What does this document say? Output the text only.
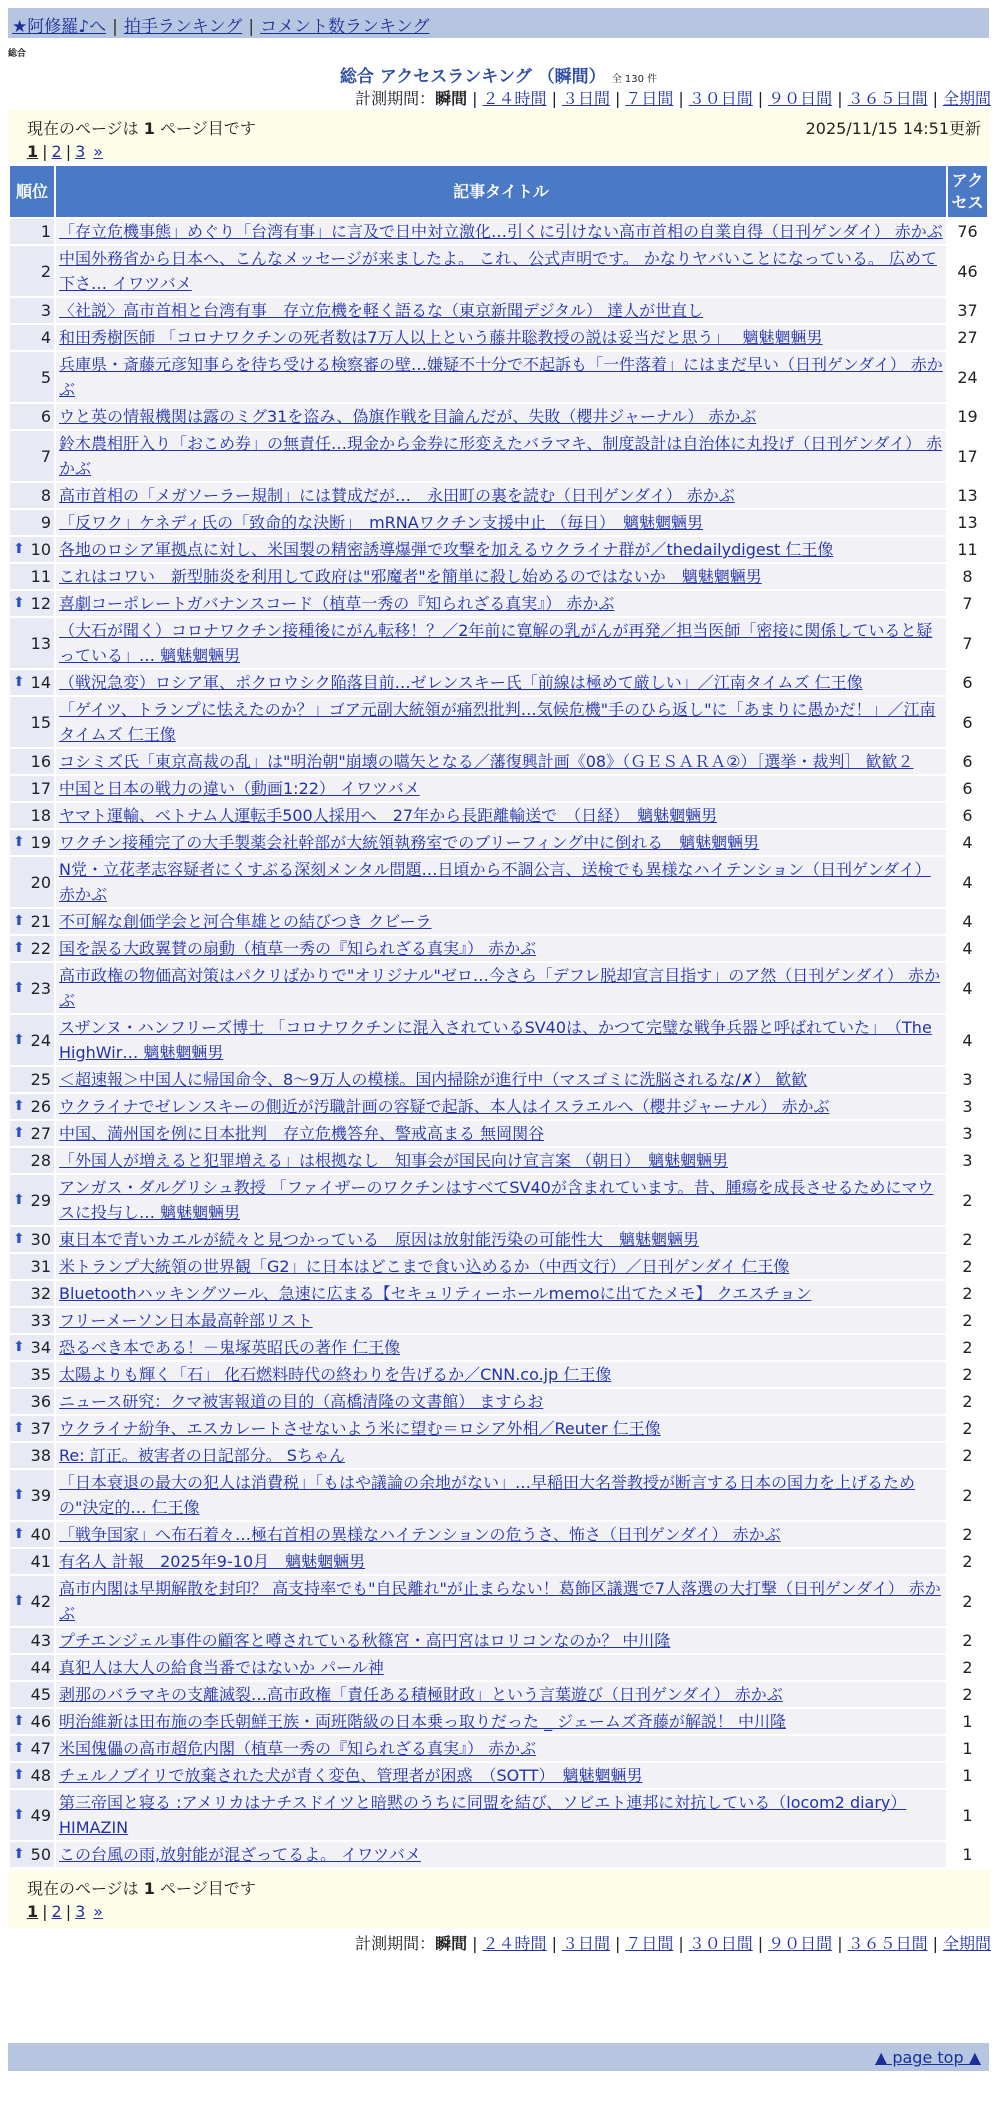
★阿修羅♪へ | 拍手ランキング | コメント数ランキング
総合
総合 アクセスランキング （瞬間） 全 130 件
計測期間：瞬間 | ２４時間 | ３日間 | ７日間 | ３０日間 | ９０日間 | ３６５日間 | 全期間
現在のページは 1 ページ目です	2025/11/15 14:51更新
1 | 2 | 3 »
順位	記事タイトル	アクセス
1	「存立危機事態」めぐり「台湾有事」に言及で日中対立激化…引くに引けない高市首相の自業自得（日刊ゲンダイ） 赤かぶ	76
2	中国外務省から日本へ、こんなメッセージが来ましたよ。 これ、公式声明です。 かなりヤバいことになっている。 広めて下さ… イワツバメ	46
3	〈社説〉高市首相と台湾有事　存立危機を軽く語るな（東京新聞デジタル） 達人が世直し	37
4	和田秀樹医師 「コロナワクチンの死者数は7万人以上という藤井聡教授の説は妥当だと思う」　 魑魅魍魎男	27
5	兵庫県・斎藤元彦知事らを待ち受ける検察審の壁…嫌疑不十分で不起訴も「一件落着」にはまだ早い（日刊ゲンダイ） 赤かぶ	24
6	ウと英の情報機関は露のミグ31を盗み、偽旗作戦を目論んだが、失敗（櫻井ジャーナル） 赤かぶ	19
7	鈴木農相肝入り「おこめ券」の無責任…現金から金券に形変えたバラマキ、制度設計は自治体に丸投げ（日刊ゲンダイ） 赤かぶ	17
8	高市首相の「メガソーラー規制」には賛成だが…　永田町の裏を読む（日刊ゲンダイ） 赤かぶ	13
9	「反ワク」ケネディ氏の「致命的な決断」　mRNAワクチン支援中止 （毎日）　魑魅魍魎男	13

⬆ 10	各地のロシア軍拠点に対し、米国製の精密誘導爆弾で攻撃を加えるウクライナ群が／thedailydigest 仁王像	11
11	これはコワい　新型肺炎を利用して政府は"邪魔者"を簡単に殺し始めるのではないか　魑魅魍魎男	8

⬆ 12	喜劇コーポレートガバナンスコード（植草一秀の『知られざる真実』） 赤かぶ	7
13	（大石が聞く）コロナワクチン接種後にがん転移！？／2年前に寛解の乳がんが再発／担当医師「密接に関係していると疑っている」… 魑魅魍魎男	7

⬆ 14	（戦況急変）ロシア軍、ポクロウシク陥落目前…ゼレンスキー氏「前線は極めて厳しい」／江南タイムズ 仁王像	6
15	「ゲイツ、トランプに怯えたのか？」ゴア元副大統領が痛烈批判…気候危機"手のひら返し"に「あまりに愚かだ！」／江南タイムズ 仁王像	6
16	コシミズ氏「東京高裁の乱」は"明治朝"崩壊の嚆矢となる／藩復興計画《08》（ＧＥＳＡＲＡ②）［選挙・裁判］ 歓歓２	6
17	中国と日本の戦力の違い（動画1:22） イワツバメ	6
18	ヤマト運輸、ベトナム人運転手500人採用へ　27年から長距離輸送で　（日経）　魑魅魍魎男	6

⬆ 19	ワクチン接種完了の大手製薬会社幹部が大統領執務室でのブリーフィング中に倒れる　魑魅魍魎男	4
20	N党・立花孝志容疑者にくすぶる深刻メンタル問題…日頃から不調公言、送検でも異様なハイテンション（日刊ゲンダイ） 赤かぶ	4

⬆ 21	不可解な創価学会と河合隼雄との結びつき クビーラ	4

⬆ 22	国を誤る大政翼賛の扇動（植草一秀の『知られざる真実』） 赤かぶ	4

⬆ 23	高市政権の物価高対策はパクリばかりで"オリジナル"ゼロ…今さら「デフレ脱却宣言目指す」のア然（日刊ゲンダイ） 赤かぶ	4

⬆ 24	スザンヌ・ハンフリーズ博士 「コロナワクチンに混入されているSV40は、かつて完璧な戦争兵器と呼ばれていた」　（The HighWir… 魑魅魍魎男	4
25	＜超速報＞中国人に帰国命令、8～9万人の模様。国内掃除が進行中（マスゴミに洗脳されるな/✗） 歓歓	3

⬆ 26	ウクライナでゼレンスキーの側近が汚職計画の容疑で起訴、本人はイスラエルへ（櫻井ジャーナル） 赤かぶ	3

⬆ 27	中国、満州国を例に日本批判　存立危機答弁、警戒高まる 無岡関谷	3
28	「外国人が増えると犯罪増える」は根拠なし　知事会が国民向け宣言案 （朝日）　魑魅魍魎男	3

⬆ 29	アンガス・ダルグリシュ教授 「ファイザーのワクチンはすべてSV40が含まれています。昔、腫瘍を成長させるためにマウスに投与し… 魑魅魍魎男	2

⬆ 30	東日本で青いカエルが続々と見つかっている　原因は放射能汚染の可能性大　魑魅魍魎男	2
31	米トランプ大統領の世界観「G2」に日本はどこまで食い込めるか（中西文行）／日刊ゲンダイ 仁王像	2
32	Bluetoothハッキングツール、急速に広まる【セキュリティーホールmemoに出てたメモ】 クエスチョン	2
33	フリーメーソン日本最高幹部リスト	2

⬆ 34	恐るべき本である！－鬼塚英昭氏の著作 仁王像	2
35	太陽よりも輝く「石」 化石燃料時代の終わりを告げるか／CNN.co.jp 仁王像	2
36	ニュース研究：クマ被害報道の目的（高橋清隆の文書館） ますらお	2

⬆ 37	ウクライナ紛争、エスカレートさせないよう米に望む＝ロシア外相／Reuter 仁王像	2
38	Re: 訂正。被害者の日記部分。 Sちゃん	2

⬆ 39	「日本衰退の最大の犯人は消費税」「もはや議論の余地がない」…早稲田大名誉教授が断言する日本の国力を上げるための"決定的… 仁王像	2

⬆ 40	「戦争国家」へ布石着々…極右首相の異様なハイテンションの危うさ、怖さ（日刊ゲンダイ） 赤かぶ	2
41	有名人 計報　2025年9-10月　魑魅魍魎男	2

⬆ 42	高市内閣は早期解散を封印？ 高支持率でも"自民離れ"が止まらない！葛飾区議選で7人落選の大打撃（日刊ゲンダイ） 赤かぶ	2
43	プチエンジェル事件の顧客と噂されている秋篠宮・高円宮はロリコンなのか？ 中川隆	2
44	真犯人は大人の給食当番ではないか パール神	2
45	剥那のバラマキの支離滅裂…高市政権「責任ある積極財政」という言葉遊び（日刊ゲンダイ） 赤かぶ	2

⬆ 46	明治維新は田布施の李氏朝鮮王族・両班階級の日本乗っ取りだった _ ジェームズ斉藤が解説！ 中川隆	1

⬆ 47	米国傀儡の高市超危内閣（植草一秀の『知られざる真実』） 赤かぶ	1

⬆ 48	チェルノブイリで放棄された犬が青く変色、管理者が困惑　（SOTT）　魑魅魍魎男	1

⬆ 49	第三帝国と寝る :アメリカはナチスドイツと暗黙のうちに同盟を結び、ソビエト連邦に対抗している（locom2 diary） HIMAZIN	1

⬆ 50	この台風の雨,放射能が混ざってるよ。 イワツバメ	1
現在のページは 1 ページ目です
1 | 2 | 3 »
計測期間：瞬間 | ２４時間 | ３日間 | ７日間 | ３０日間 | ９０日間 | ３６５日間 | 全期間
▲ page top ▲
